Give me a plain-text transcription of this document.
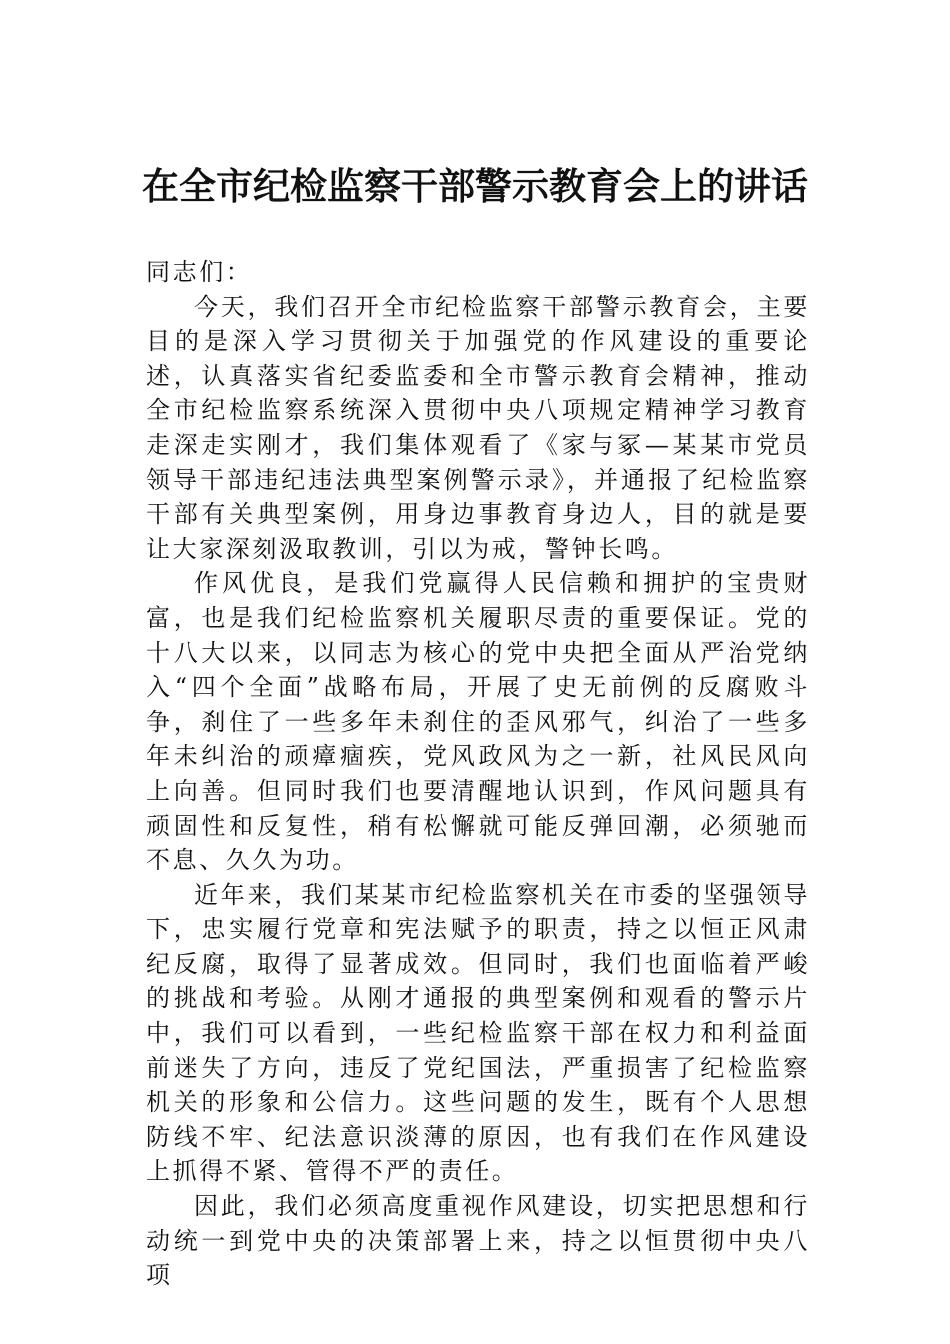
在全市纪检监察干部警示教育会上的讲话

同志们：

今天，我们召开全市纪检监察干部警示教育会，主要目的是深入学习贯彻关于加强党的作风建设的重要论述，认真落实省纪委监委和全市警示教育会精神，推动全市纪检监察系统深入贯彻中央八项规定精神学习教育走深走实刚才，我们集体观看了《家与冢—某某市党员领导干部违纪违法典型案例警示录》，并通报了纪检监察干部有关典型案例，用身边事教育身边人，目的就是要让大家深刻汲取教训，引以为戒，警钟长鸣。

作风优良，是我们党赢得人民信赖和拥护的宝贵财富，也是我们纪检监察机关履职尽责的重要保证。党的十八大以来，以同志为核心的党中央把全面从严治党纳入“四个全面”战略布局，开展了史无前例的反腐败斗争，刹住了一些多年未刹住的歪风邪气，纠治了一些多年未纠治的顽瘴痼疾，党风政风为之一新，社风民风向上向善。但同时我们也要清醒地认识到，作风问题具有顽固性和反复性，稍有松懈就可能反弹回潮，必须驰而不息、久久为功。

近年来，我们某某市纪检监察机关在市委的坚强领导下，忠实履行党章和宪法赋予的职责，持之以恒正风肃纪反腐，取得了显著成效。但同时，我们也面临着严峻的挑战和考验。从刚才通报的典型案例和观看的警示片中，我们可以看到，一些纪检监察干部在权力和利益面前迷失了方向，违反了党纪国法，严重损害了纪检监察机关的形象和公信力。这些问题的发生，既有个人思想防线不牢、纪法意识淡薄的原因，也有我们在作风建设上抓得不紧、管得不严的责任。

因此，我们必须高度重视作风建设，切实把思想和行动统一到党中央的决策部署上来，持之以恒贯彻中央八项
